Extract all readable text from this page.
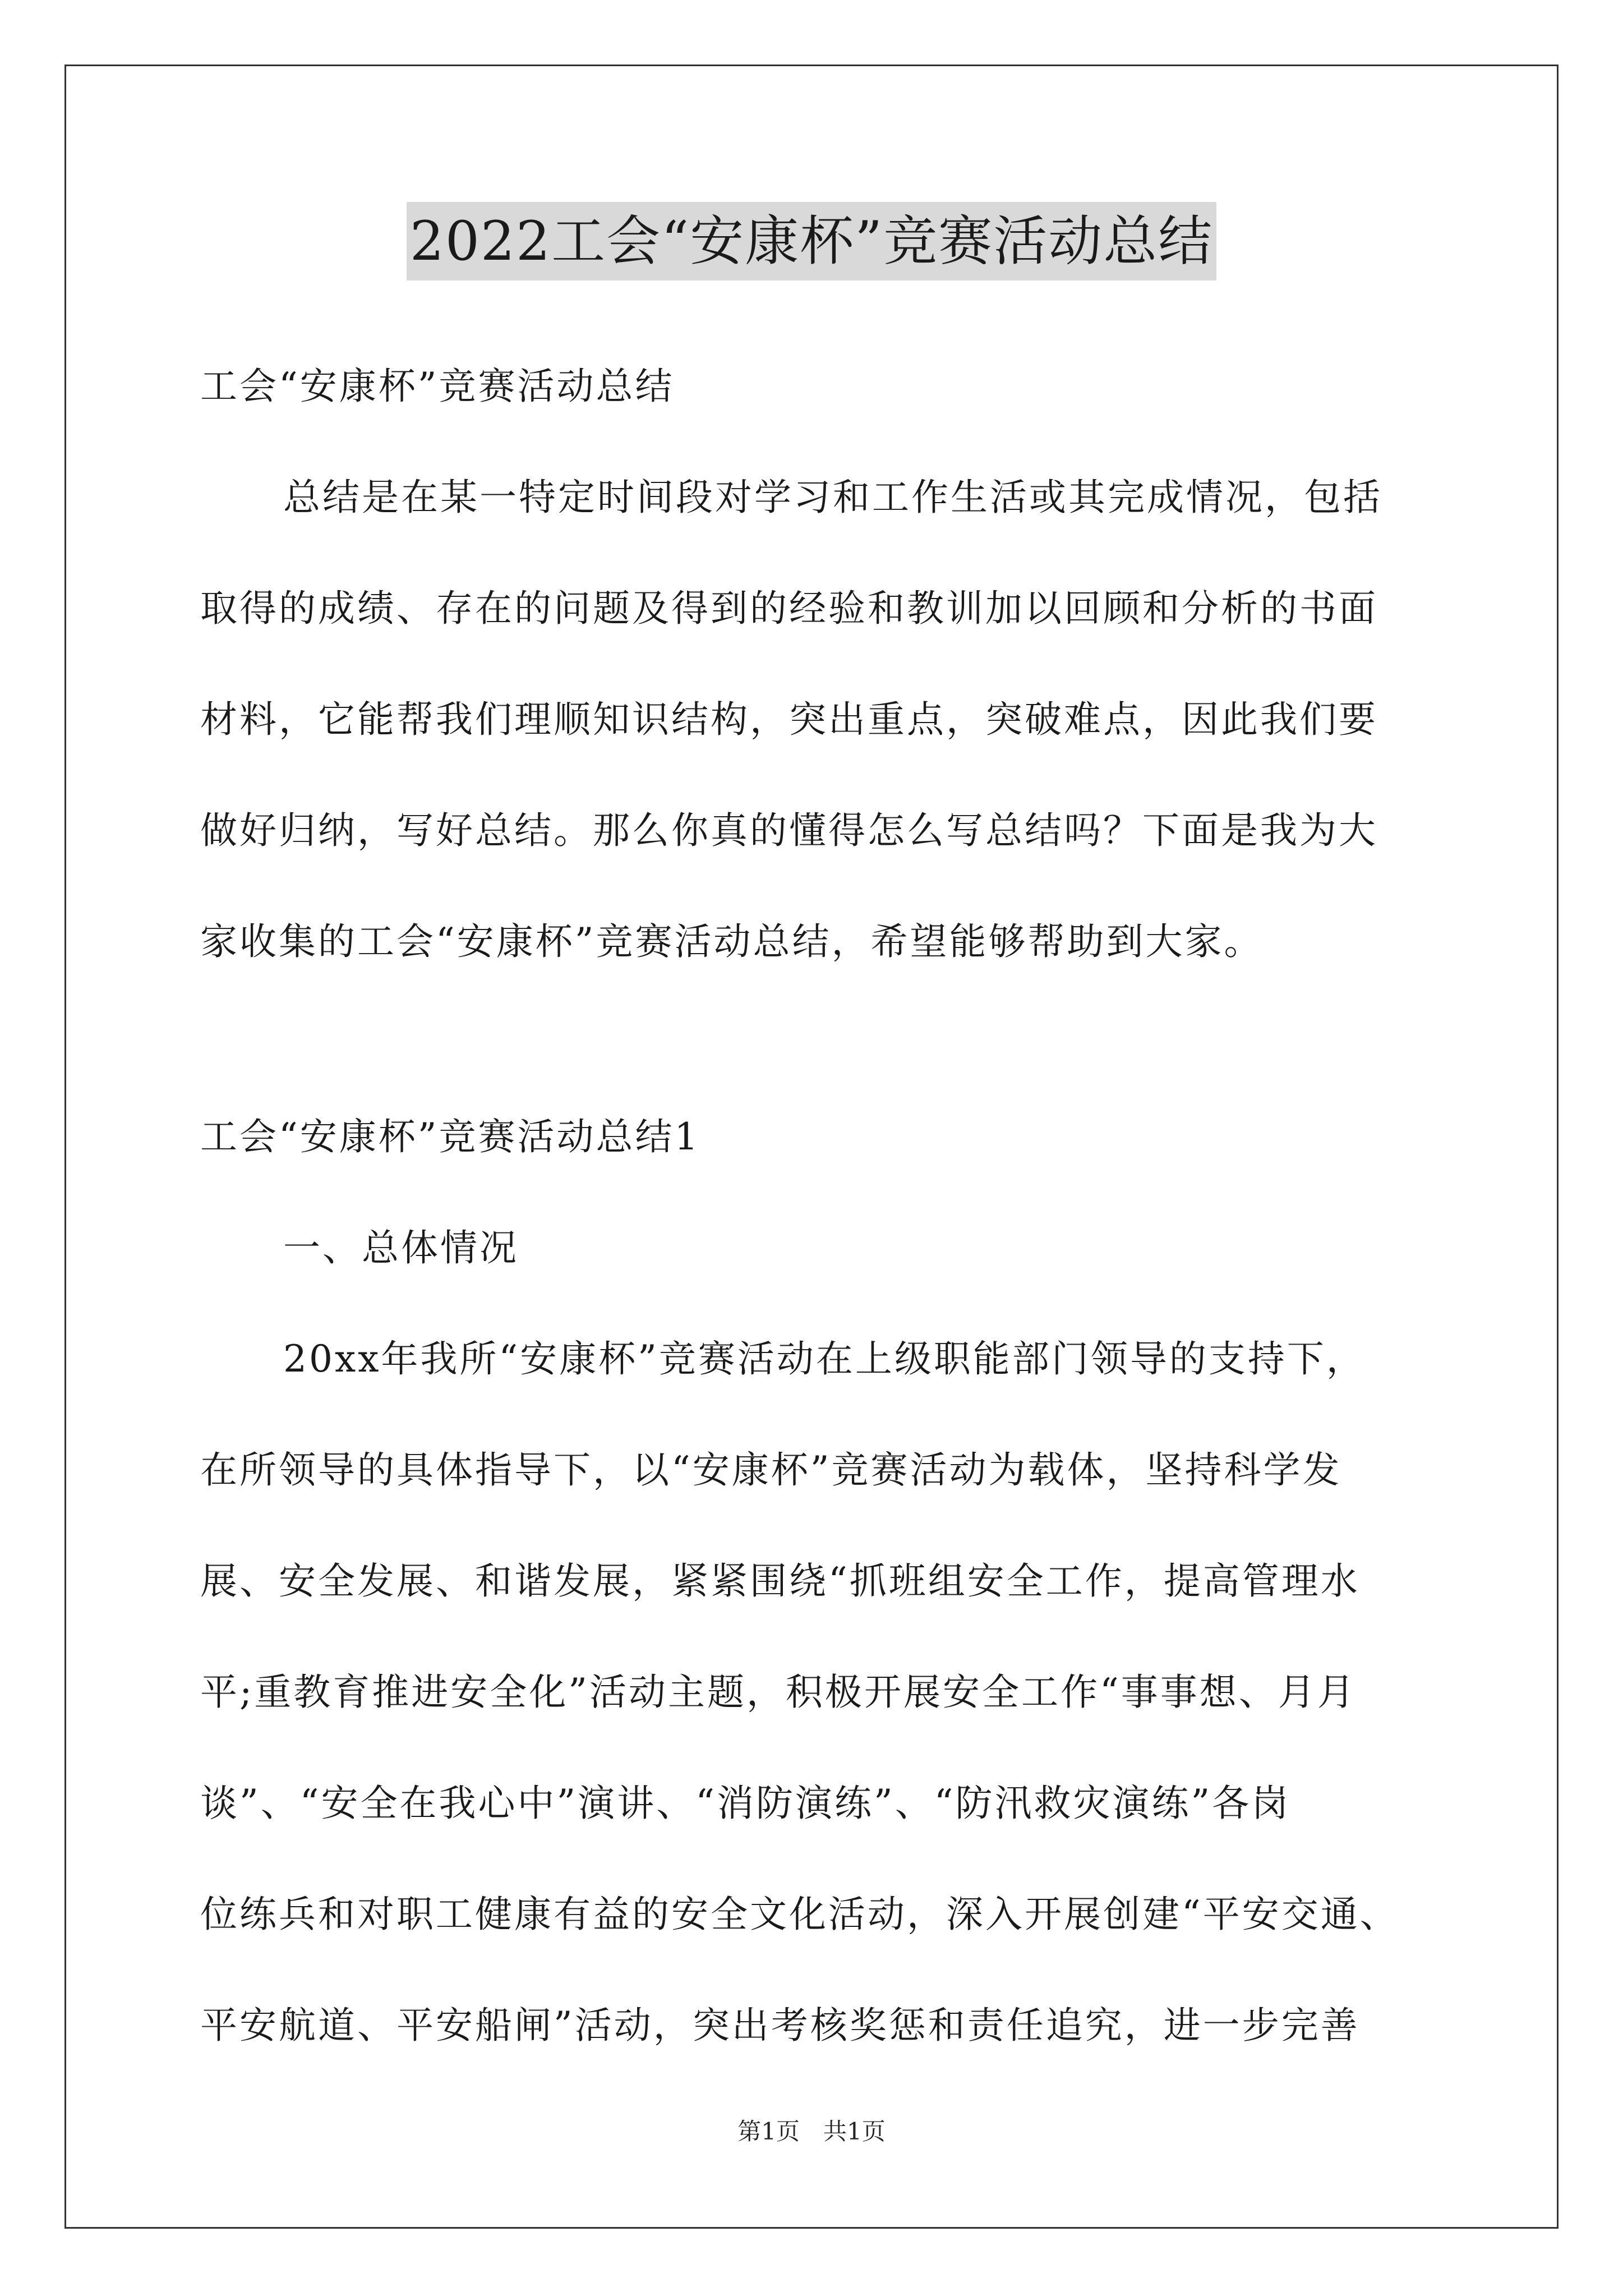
2022工会“安康杯”竞赛活动总结
工会“安康杯”竞赛活动总结
总结是在某一特定时间段对学习和工作生活或其完成情况，包括
取得的成绩、存在的问题及得到的经验和教训加以回顾和分析的书面
材料，它能帮我们理顺知识结构，突出重点，突破难点，因此我们要
做好归纳，写好总结。那么你真的懂得怎么写总结吗？下面是我为大
家收集的工会“安康杯”竞赛活动总结，希望能够帮助到大家。
工会“安康杯”竞赛活动总结1
一、总体情况
20xx年我所“安康杯”竞赛活动在上级职能部门领导的支持下，
在所领导的具体指导下，以“安康杯”竞赛活动为载体，坚持科学发
展、安全发展、和谐发展，紧紧围绕“抓班组安全工作，提高管理水
平;重教育推进安全化”活动主题，积极开展安全工作“事事想、月月
谈”、“安全在我心中”演讲、“消防演练”、“防汛救灾演练”各岗
位练兵和对职工健康有益的安全文化活动，深入开展创建“平安交通、
平安航道、平安船闸”活动，突出考核奖惩和责任追究，进一步完善
第1页　共1页
